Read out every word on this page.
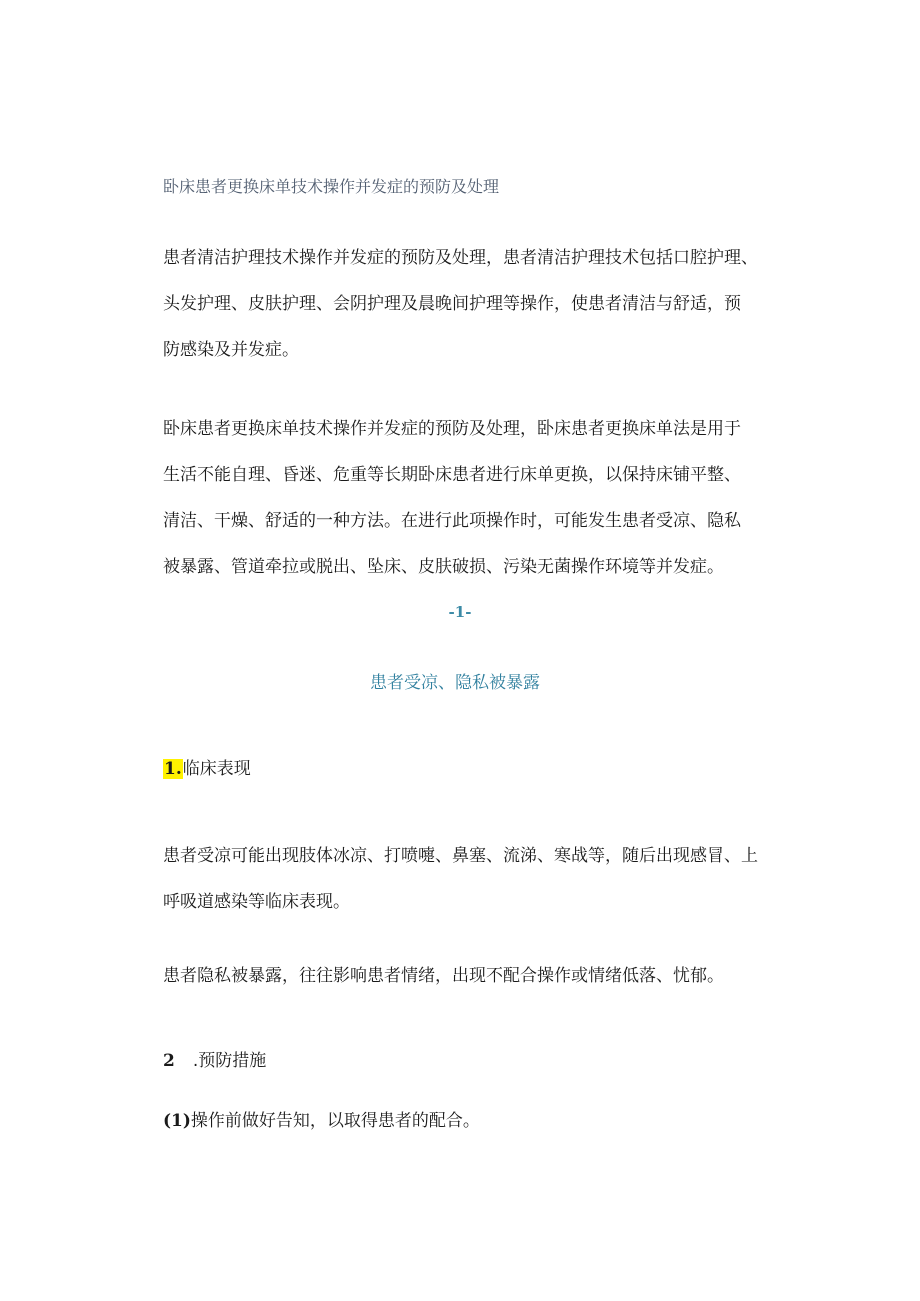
卧床患者更换床单技术操作并发症的预防及处理
患者清洁护理技术操作并发症的预防及处理，患者清洁护理技术包括口腔护理、
头发护理、皮肤护理、会阴护理及晨晚间护理等操作，使患者清洁与舒适，预
防感染及并发症。
卧床患者更换床单技术操作并发症的预防及处理，卧床患者更换床单法是用于
生活不能自理、昏迷、危重等长期卧床患者进行床单更换，以保持床铺平整、
清洁、干燥、舒适的一种方法。在进行此项操作时，可能发生患者受凉、隐私
被暴露、管道牵拉或脱出、坠床、皮肤破损、污染无菌操作环境等并发症。
-1-
患者受凉、隐私被暴露
1.临床表现
患者受凉可能出现肢体冰凉、打喷嚏、鼻塞、流涕、寒战等，随后出现感冒、上
呼吸道感染等临床表现。
患者隐私被暴露，往往影响患者情绪，出现不配合操作或情绪低落、忧郁。
2 .预防措施
(1)操作前做好告知，以取得患者的配合。
